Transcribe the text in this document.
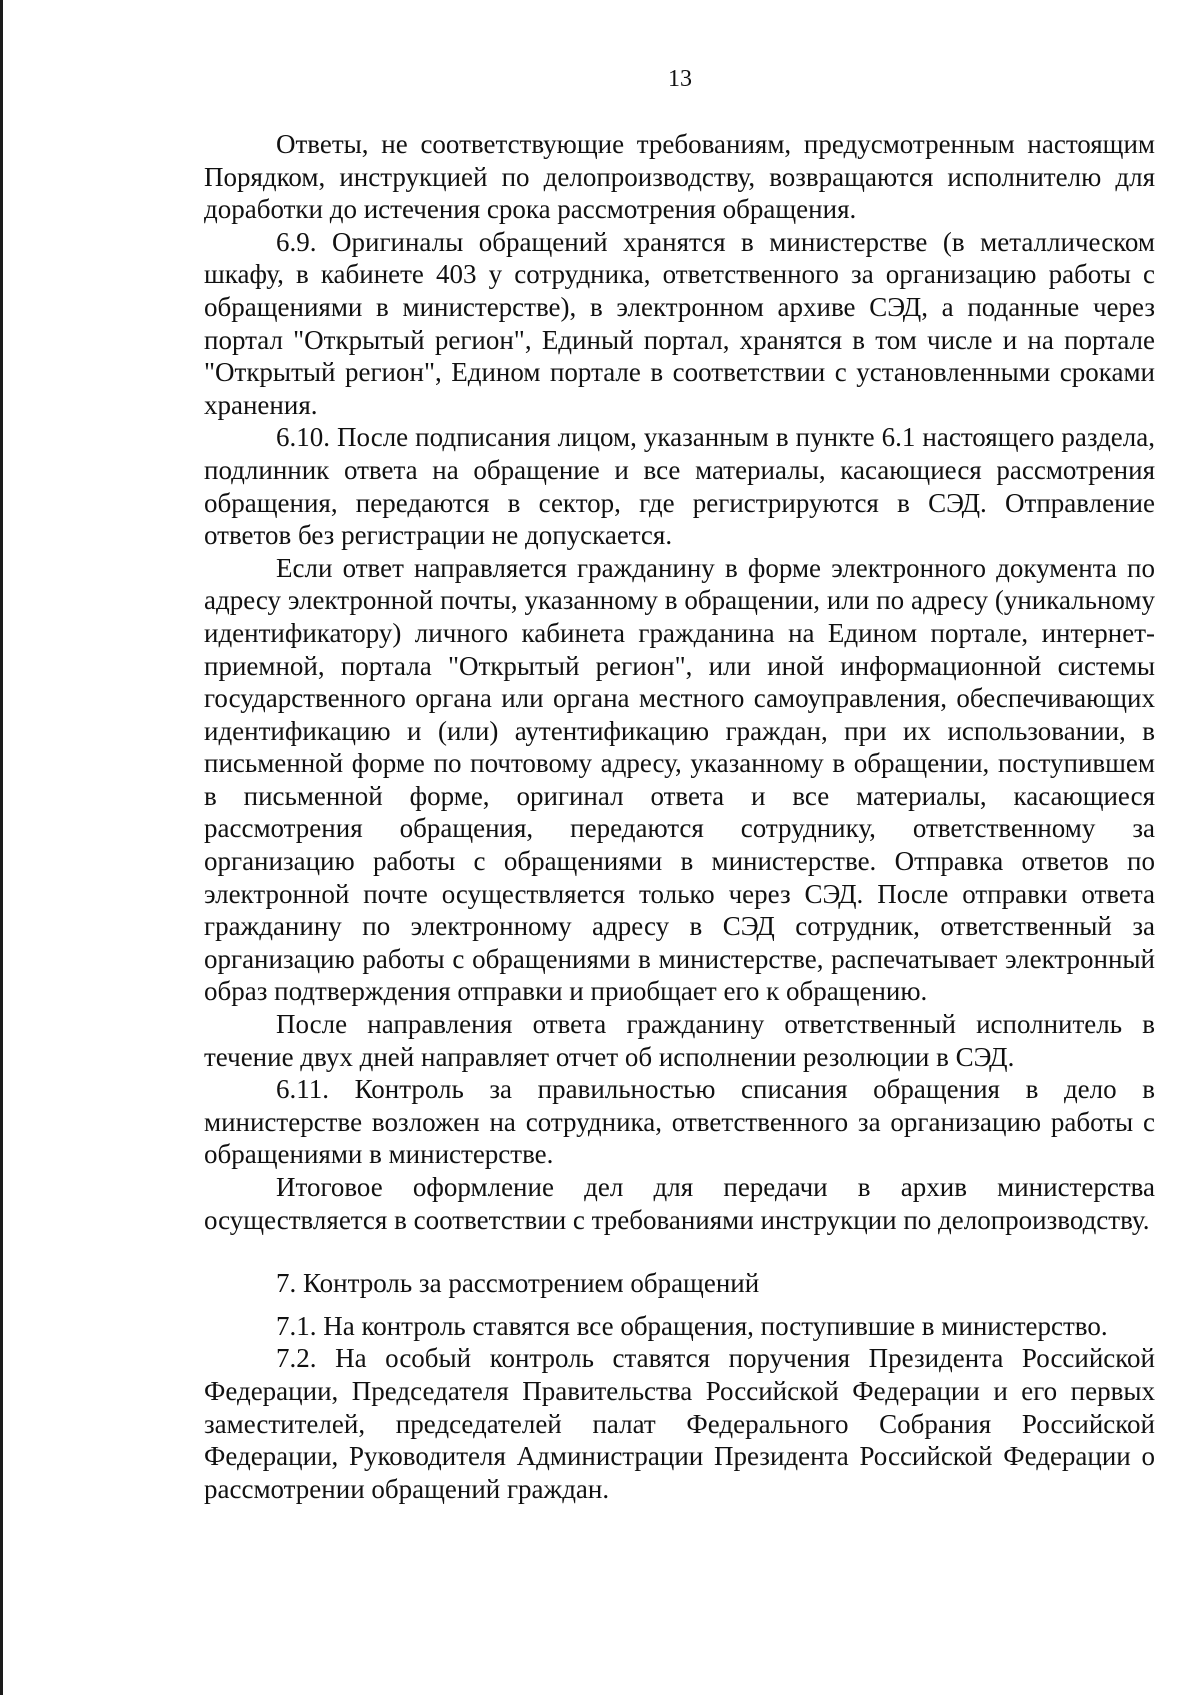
13

Ответы, не соответствующие требованиям, предусмотренным настоящим Порядком, инструкцией по делопроизводству, возвращаются исполнителю для доработки до истечения срока рассмотрения обращения.

6.9. Оригиналы обращений хранятся в министерстве (в металлическом шкафу, в кабинете 403 у сотрудника, ответственного за организацию работы с обращениями в министерстве), в электронном архиве СЭД, а поданные через портал "Открытый регион", Единый портал, хранятся в том числе и на портале "Открытый регион", Едином портале в соответствии с установленными сроками хранения.

6.10. После подписания лицом, указанным в пункте 6.1 настоящего раздела, подлинник ответа на обращение и все материалы, касающиеся рассмотрения обращения, передаются в сектор, где регистрируются в СЭД. Отправление ответов без регистрации не допускается.

Если ответ направляется гражданину в форме электронного документа по адресу электронной почты, указанному в обращении, или по адресу (уникальному идентификатору) личного кабинета гражданина на Едином портале, интернет-приемной, портала "Открытый регион", или иной информационной системы государственного органа или органа местного самоуправления, обеспечивающих идентификацию и (или) аутентификацию граждан, при их использовании, в письменной форме по почтовому адресу, указанному в обращении, поступившем в письменной форме, оригинал ответа и все материалы, касающиеся рассмотрения обращения, передаются сотруднику, ответственному за организацию работы с обращениями в министерстве. Отправка ответов по электронной почте осуществляется только через СЭД. После отправки ответа гражданину по электронному адресу в СЭД сотрудник, ответственный за организацию работы с обращениями в министерстве, распечатывает электронный образ подтверждения отправки и приобщает его к обращению.

После направления ответа гражданину ответственный исполнитель в течение двух дней направляет отчет об исполнении резолюции в СЭД.

6.11. Контроль за правильностью списания обращения в дело в министерстве возложен на сотрудника, ответственного за организацию работы с обращениями в министерстве.

Итоговое оформление дел для передачи в архив министерства осуществляется в соответствии с требованиями инструкции по делопроизводству.

7. Контроль за рассмотрением обращений

7.1. На контроль ставятся все обращения, поступившие в министерство.

7.2. На особый контроль ставятся поручения Президента Российской Федерации, Председателя Правительства Российской Федерации и его первых заместителей, председателей палат Федерального Собрания Российской Федерации, Руководителя Администрации Президента Российской Федерации о рассмотрении обращений граждан.
